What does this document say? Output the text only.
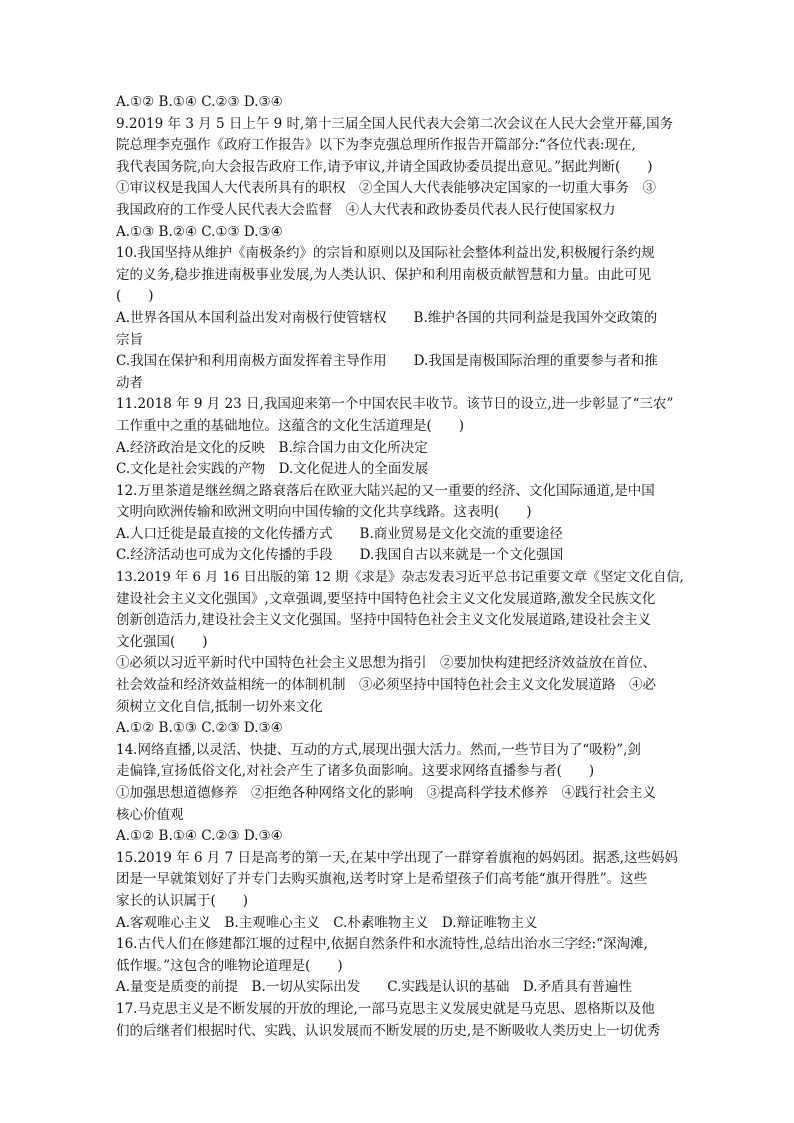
A.①② B.①④ C.②③ D.③④
9.2019 年 3 月 5 日上午 9 时,第十三届全国人民代表大会第二次会议在人民大会堂开幕,国务
院总理李克强作《政府工作报告》以下为李克强总理所作报告开篇部分:“各位代表:现在,
我代表国务院,向大会报告政府工作,请予审议,并请全国政协委员提出意见。”据此判断(　　)
①审议权是我国人大代表所具有的职权　②全国人大代表能够决定国家的一切重大事务　③
我国政府的工作受人民代表大会监督　④人大代表和政协委员代表人民行使国家权力
A.①③ B.②④ C.①③ D.③④
10.我国坚持从维护《南极条约》的宗旨和原则以及国际社会整体利益出发,积极履行条约规
定的义务,稳步推进南极事业发展,为人类认识、保护和利用南极贡献智慧和力量。由此可见
(　　)
A.世界各国从本国利益出发对南极行使管辖权　　B.维护各国的共同利益是我国外交政策的
宗旨
C.我国在保护和利用南极方面发挥着主导作用　　D.我国是南极国际治理的重要参与者和推
动者
11.2018 年 9 月 23 日,我国迎来第一个中国农民丰收节。该节日的设立,进一步彰显了“三农”
工作重中之重的基础地位。这蕴含的文化生活道理是(　　)
A.经济政治是文化的反映　B.综合国力由文化所决定
C.文化是社会实践的产物　D.文化促进人的全面发展
12.万里茶道是继丝绸之路衰落后在欧亚大陆兴起的又一重要的经济、文化国际通道,是中国
文明向欧洲传输和欧洲文明向中国传输的文化共享线路。这表明(　　)
A.人口迁徙是最直接的文化传播方式　　B.商业贸易是文化交流的重要途径
C.经济活动也可成为文化传播的手段　　D.我国自古以来就是一个文化强国
13.2019 年 6 月 16 日出版的第 12 期《求是》杂志发表习近平总书记重要文章《坚定文化自信,
建设社会主义文化强国》,文章强调,要坚持中国特色社会主义文化发展道路,激发全民族文化
创新创造活力,建设社会主义文化强国。坚持中国特色社会主义文化发展道路,建设社会主义
文化强国(　　)
①必须以习近平新时代中国特色社会主义思想为指引　②要加快构建把经济效益放在首位、
社会效益和经济效益相统一的体制机制　③必须坚持中国特色社会主义文化发展道路　④必
须树立文化自信,抵制一切外来文化
A.①② B.①③ C.②③ D.③④
14.网络直播,以灵活、快捷、互动的方式,展现出强大活力。然而,一些节目为了“吸粉”,剑
走偏锋,宣扬低俗文化,对社会产生了诸多负面影响。这要求网络直播参与者(　　)
①加强思想道德修养　②拒绝各种网络文化的影响　③提高科学技术修养　④践行社会主义
核心价值观
A.①② B.①④ C.②③ D.③④
15.2019 年 6 月 7 日是高考的第一天,在某中学出现了一群穿着旗袍的妈妈团。据悉,这些妈妈
团是一早就策划好了并专门去购买旗袍,送考时穿上是希望孩子们高考能“旗开得胜”。这些
家长的认识属于(　　)
A.客观唯心主义　B.主观唯心主义　C.朴素唯物主义　D.辩证唯物主义
16.古代人们在修建都江堰的过程中,依据自然条件和水流特性,总结出治水三字经:“深淘滩,
低作堰。”这包含的唯物论道理是(　　)
A.量变是质变的前提　B.一切从实际出发　　C.实践是认识的基础　D.矛盾具有普遍性
17.马克思主义是不断发展的开放的理论,一部马克思主义发展史就是马克思、恩格斯以及他
们的后继者们根据时代、实践、认识发展而不断发展的历史,是不断吸收人类历史上一切优秀
